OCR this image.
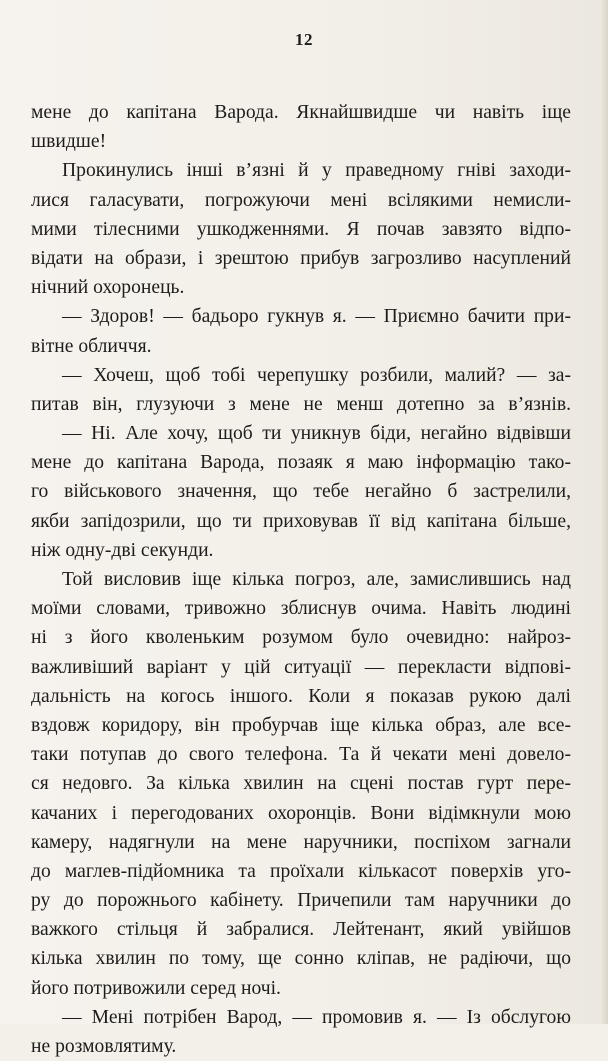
12
мене до капітана Варода. Якнайшвидше чи навіть іще
швидше!
Прокинулись інші в’язні й у праведному гніві заходи-
лися галасувати, погрожуючи мені всілякими немисли-
мими тілесними ушкодженнями. Я почав завзято відпо-
відати на образи, і зрештою прибув загрозливо насуплений
нічний охоронець.
— Здоров! — бадьоро гукнув я. — Приємно бачити при-
вітне обличчя.
— Хочеш, щоб тобі черепушку розбили, малий? — за-
питав він, глузуючи з мене не менш дотепно за в’язнів.
— Ні. Але хочу, щоб ти уникнув біди, негайно відвівши
мене до капітана Варода, позаяк я маю інформацію тако-
го військового значення, що тебе негайно б застрелили,
якби запідозрили, що ти приховував її від капітана більше,
ніж одну-дві секунди.
Той висловив іще кілька погроз, але, замислившись над
моїми словами, тривожно зблиснув очима. Навіть людині
ні з його кволеньким розумом було очевидно: найроз-
важливіший варіант у цій ситуації — перекласти відпові-
дальність на когось іншого. Коли я показав рукою далі
вздовж коридору, він пробурчав іще кілька образ, але все-
таки потупав до свого телефона. Та й чекати мені довело-
ся недовго. За кілька хвилин на сцені постав гурт пере-
качаних і перегодованих охоронців. Вони відімкнули мою
камеру, надягнули на мене наручники, поспіхом загнали
до маглев-підйомника та проїхали кількасот поверхів уго-
ру до порожнього кабінету. Причепили там наручники до
важкого стільця й забралися. Лейтенант, який увійшов
кілька хвилин по тому, ще сонно кліпав, не радіючи, що
його потривожили серед ночі.
— Мені потрібен Варод, — промовив я. — Із обслугою
не розмовлятиму.
